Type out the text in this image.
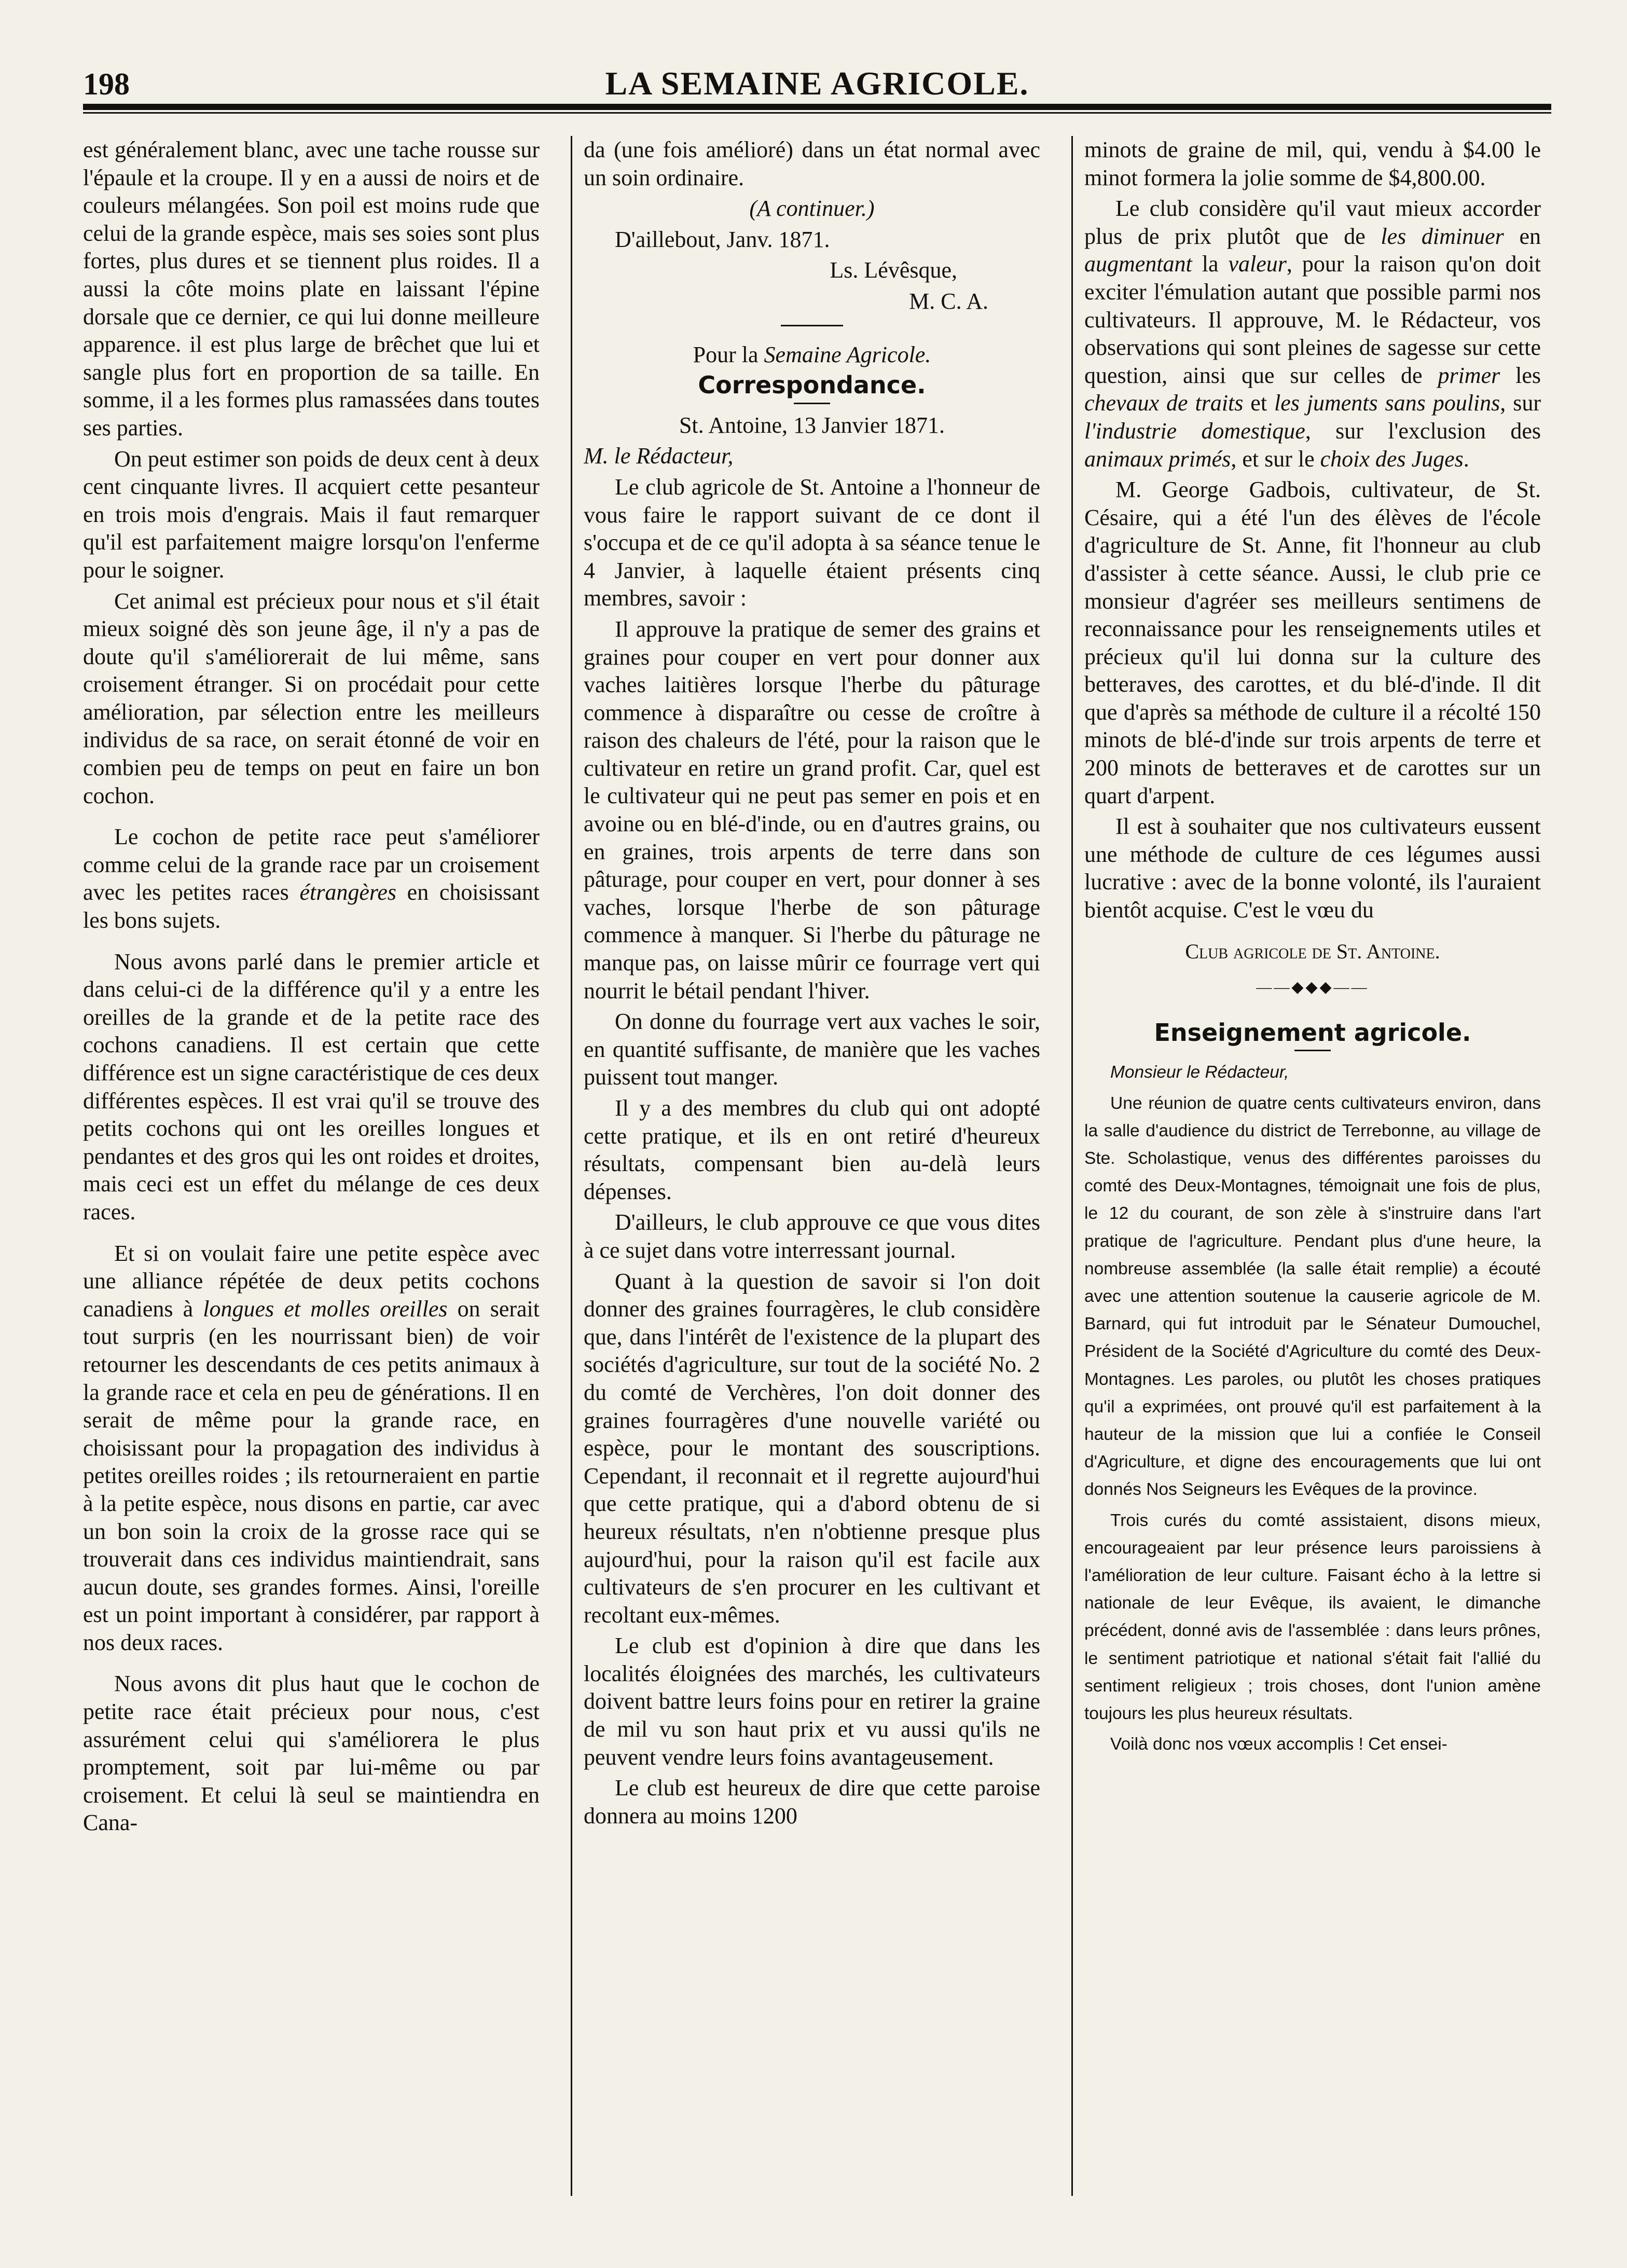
198	LA SEMAINE AGRICOLE.

est généralement blanc, avec une tache rousse sur l'épaule et la croupe. Il y en a aussi de noirs et de couleurs mélangées. Son poil est moins rude que celui de la grande espèce, mais ses soies sont plus fortes, plus dures et se tiennent plus roides. Il a aussi la côte moins plate en laissant l'épine dorsale que ce dernier, ce qui lui donne meilleure apparence. il est plus large de brêchet que lui et sangle plus fort en proportion de sa taille. En somme, il a les formes plus ramassées dans toutes ses parties.

On peut estimer son poids de deux cent à deux cent cinquante livres. Il acquiert cette pesanteur en trois mois d'engrais. Mais il faut remarquer qu'il est parfaitement maigre lorsqu'on l'enferme pour le soigner.

Cet animal est précieux pour nous et s'il était mieux soigné dès son jeune âge, il n'y a pas de doute qu'il s'améliorerait de lui même, sans croisement étranger. Si on procédait pour cette amélioration, par sélection entre les meilleurs individus de sa race, on serait étonné de voir en combien peu de temps on peut en faire un bon cochon.

Le cochon de petite race peut s'améliorer comme celui de la grande race par un croisement avec les petites races étrangères en choisissant les bons sujets.

Nous avons parlé dans le premier article et dans celui-ci de la différence qu'il y a entre les oreilles de la grande et de la petite race des cochons canadiens. Il est certain que cette différence est un signe caractéristique de ces deux différentes espèces. Il est vrai qu'il se trouve des petits cochons qui ont les oreilles longues et pendantes et des gros qui les ont roides et droites, mais ceci est un effet du mélange de ces deux races.

Et si on voulait faire une petite espèce avec une alliance répétée de deux petits cochons canadiens à longues et molles oreilles on serait tout surpris (en les nourrissant bien) de voir retourner les descendants de ces petits animaux à la grande race et cela en peu de générations. Il en serait de même pour la grande race, en choisissant pour la propagation des individus à petites oreilles roides ; ils retourneraient en partie à la petite espèce, nous disons en partie, car avec un bon soin la croix de la grosse race qui se trouverait dans ces individus maintiendrait, sans aucun doute, ses grandes formes. Ainsi, l'oreille est un point important à considérer, par rapport à nos deux races.

Nous avons dit plus haut que le cochon de petite race était précieux pour nous, c'est assurément celui qui s'améliorera le plus promptement, soit par lui-même ou par croisement. Et celui là seul se maintiendra en Cana-

da (une fois amélioré) dans un état normal avec un soin ordinaire.

(A continuer.)

D'aillebout, Janv. 1871.

Ls. Lévêsque,

M. C. A.

Pour la Semaine Agricole.

Correspondance.

St. Antoine, 13 Janvier 1871.

M. le Rédacteur,

Le club agricole de St. Antoine a l'honneur de vous faire le rapport suivant de ce dont il s'occupa et de ce qu'il adopta à sa séance tenue le 4 Janvier, à laquelle étaient présents cinq membres, savoir :

Il approuve la pratique de semer des grains et graines pour couper en vert pour donner aux vaches laitières lorsque l'herbe du pâturage commence à disparaître ou cesse de croître à raison des chaleurs de l'été, pour la raison que le cultivateur en retire un grand profit. Car, quel est le cultivateur qui ne peut pas semer en pois et en avoine ou en blé-d'inde, ou en d'autres grains, ou en graines, trois arpents de terre dans son pâturage, pour couper en vert, pour donner à ses vaches, lorsque l'herbe de son pâturage commence à manquer. Si l'herbe du pâturage ne manque pas, on laisse mûrir ce fourrage vert qui nourrit le bétail pendant l'hiver.

On donne du fourrage vert aux vaches le soir, en quantité suffisante, de manière que les vaches puissent tout manger.

Il y a des membres du club qui ont adopté cette pratique, et ils en ont retiré d'heureux résultats, compensant bien au-delà leurs dépenses.

D'ailleurs, le club approuve ce que vous dites à ce sujet dans votre interressant journal.

Quant à la question de savoir si l'on doit donner des graines fourragères, le club considère que, dans l'intérêt de l'existence de la plupart des sociétés d'agriculture, sur tout de la société No. 2 du comté de Verchères, l'on doit donner des graines fourragères d'une nouvelle variété ou espèce, pour le montant des souscriptions. Cependant, il reconnait et il regrette aujourd'hui que cette pratique, qui a d'abord obtenu de si heureux résultats, n'en n'obtienne presque plus aujourd'hui, pour la raison qu'il est facile aux cultivateurs de s'en procurer en les cultivant et recoltant eux-mêmes.

Le club est d'opinion à dire que dans les localités éloignées des marchés, les cultivateurs doivent battre leurs foins pour en retirer la graine de mil vu son haut prix et vu aussi qu'ils ne peuvent vendre leurs foins avantageusement.

Le club est heureux de dire que cette paroise donnera au moins 1200

minots de graine de mil, qui, vendu à $4.00 le minot formera la jolie somme de $4,800.00.

Le club considère qu'il vaut mieux accorder plus de prix plutôt que de les diminuer en augmentant la valeur, pour la raison qu'on doit exciter l'émulation autant que possible parmi nos cultivateurs. Il approuve, M. le Rédacteur, vos observations qui sont pleines de sagesse sur cette question, ainsi que sur celles de primer les chevaux de traits et les juments sans poulins, sur l'industrie domestique, sur l'exclusion des animaux primés, et sur le choix des Juges.

M. George Gadbois, cultivateur, de St. Césaire, qui a été l'un des élèves de l'école d'agriculture de St. Anne, fit l'honneur au club d'assister à cette séance. Aussi, le club prie ce monsieur d'agréer ses meilleurs sentimens de reconnaissance pour les renseignements utiles et précieux qu'il lui donna sur la culture des betteraves, des carottes, et du blé-d'inde. Il dit que d'après sa méthode de culture il a récolté 150 minots de blé-d'inde sur trois arpents de terre et 200 minots de betteraves et de carottes sur un quart d'arpent.

Il est à souhaiter que nos cultivateurs eussent une méthode de culture de ces légumes aussi lucrative : avec de la bonne volonté, ils l'auraient bientôt acquise. C'est le vœu du

Club agricole de St. Antoine.

——◆◆◆——
Enseignement agricole.

Monsieur le Rédacteur,

Une réunion de quatre cents cultivateurs environ, dans la salle d'audience du district de Terrebonne, au village de Ste. Scholastique, venus des différentes paroisses du comté des Deux-Montagnes, témoignait une fois de plus, le 12 du courant, de son zèle à s'instruire dans l'art pratique de l'agriculture. Pendant plus d'une heure, la nombreuse assemblée (la salle était remplie) a écouté avec une attention soutenue la causerie agricole de M. Barnard, qui fut introduit par le Sénateur Dumouchel, Président de la Société d'Agriculture du comté des Deux-Montagnes. Les paroles, ou plutôt les choses pratiques qu'il a exprimées, ont prouvé qu'il est parfaitement à la hauteur de la mission que lui a confiée le Conseil d'Agriculture, et digne des encouragements que lui ont donnés Nos Seigneurs les Evêques de la province.

Trois curés du comté assistaient, disons mieux, encourageaient par leur présence leurs paroissiens à l'amélioration de leur culture. Faisant écho à la lettre si nationale de leur Evêque, ils avaient, le dimanche précédent, donné avis de l'assemblée : dans leurs prônes, le sentiment patriotique et national s'était fait l'allié du sentiment religieux ; trois choses, dont l'union amène toujours les plus heureux résultats.

Voilà donc nos vœux accomplis ! Cet ensei-
